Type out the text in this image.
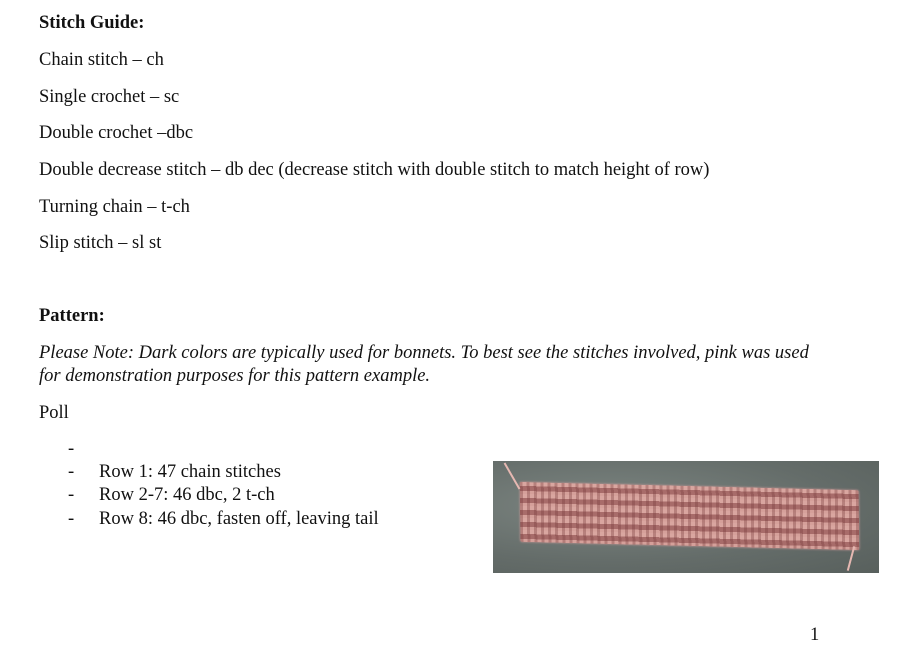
Stitch Guide:
Chain stitch – ch
Single crochet – sc
Double crochet –dbc
Double decrease stitch – db dec (decrease stitch with double stitch to match height of row)
Turning chain – t-ch
Slip stitch – sl st
Pattern:
Please Note: Dark colors are typically used for bonnets. To best see the stitches involved, pink was used
for demonstration purposes for this pattern example.
Poll
-
- Row 1: 47 chain stitches
- Row 2-7: 46 dbc, 2 t-ch
- Row 8: 46 dbc, fasten off, leaving tail
1
